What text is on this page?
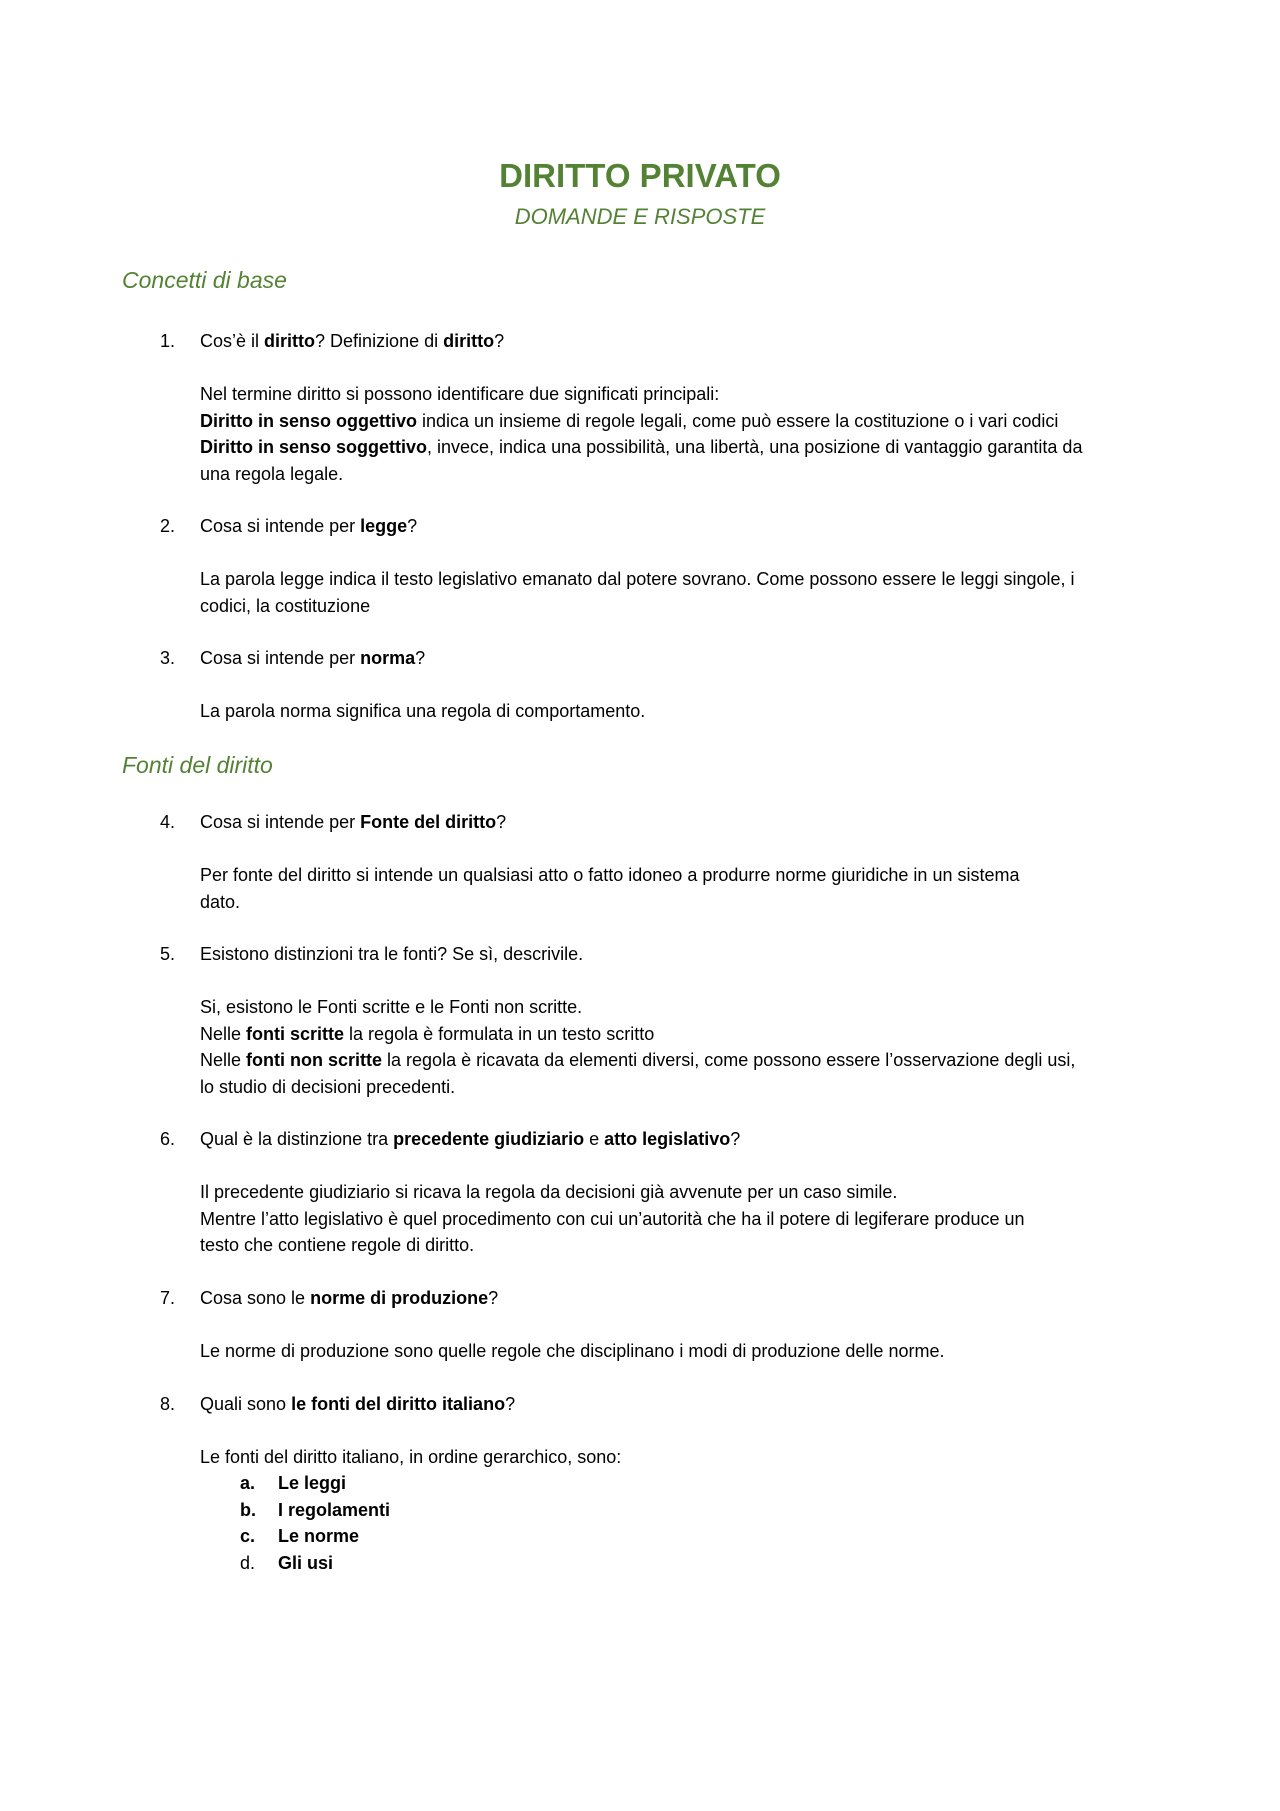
DIRITTO PRIVATO
DOMANDE E RISPOSTE
Concetti di base
1.	Cos’è il diritto? Definizione di diritto?

Nel termine diritto si possono identificare due significati principali:
Diritto in senso oggettivo indica un insieme di regole legali, come può essere la costituzione o i vari codici
Diritto in senso soggettivo, invece, indica una possibilità, una libertà, una posizione di vantaggio garantita da
una regola legale.
2.	Cosa si intende per legge?

La parola legge indica il testo legislativo emanato dal potere sovrano. Come possono essere le leggi singole, i
codici, la costituzione
3.	Cosa si intende per norma?

La parola norma significa una regola di comportamento.
Fonti del diritto
4.	Cosa si intende per Fonte del diritto?

Per fonte del diritto si intende un qualsiasi atto o fatto idoneo a produrre norme giuridiche in un sistema
dato.
5.	Esistono distinzioni tra le fonti? Se sì, descrivile.

Si, esistono le Fonti scritte e le Fonti non scritte.
Nelle fonti scritte la regola è formulata in un testo scritto
Nelle fonti non scritte la regola è ricavata da elementi diversi, come possono essere l’osservazione degli usi,
lo studio di decisioni precedenti.
6.	Qual è la distinzione tra precedente giudiziario e atto legislativo?

Il precedente giudiziario si ricava la regola da decisioni già avvenute per un caso simile.
Mentre l’atto legislativo è quel procedimento con cui un’autorità che ha il potere di legiferare produce un
testo che contiene regole di diritto.
7.	Cosa sono le norme di produzione?

Le norme di produzione sono quelle regole che disciplinano i modi di produzione delle norme.
8.	Quali sono le fonti del diritto italiano?

Le fonti del diritto italiano, in ordine gerarchico, sono:
a. Le leggi
b. I regolamenti
c. Le norme
d. Gli usi
